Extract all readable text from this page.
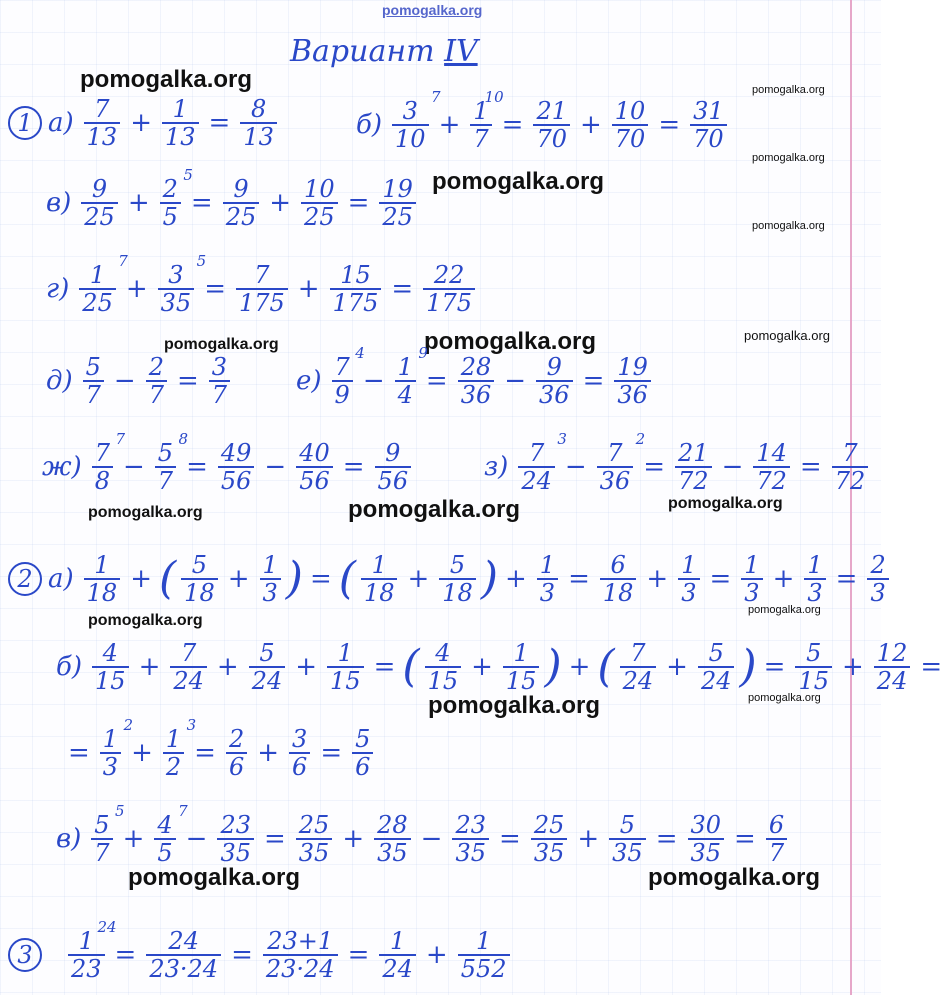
pomogalka.org
pomogalka.org	pomogalka.org
pomogalka.org
pomogalka.org
pomogalka.org
pomogalka.org
pomogalka.org	pomogalka.org
pomogalka.org
pomogalka.org
pomogalka.org
pomogalka.org
pomogalka.org
pomogalka.org
pomogalka.org
pomogalka.org	pomogalka.org
Вариант IV
1 $а) \frac{7}{13} + \frac{1}{13} = \frac{8}{13}$	б) 3
10
7
+ 1
7
10
= $\frac{21}{70} + \frac{10}{70} = \frac{31}{70}$
$в) \frac{9}{25} + 2$
5
5
= $\frac{9}{25} + \frac{10}{25} = \frac{19}{25}$
г) 1
25
7
+ 3
35
5
= $\frac{7}{175} + \frac{15}{175} = \frac{22}{175}$
$д) \frac{5}{7} - \frac{2}{7} = \frac{3}{7}$	е) 7
9
4
− 1
4
9
= $\frac{28}{36} - \frac{9}{36} = \frac{19}{36}$
ж) 7
8
7
− 5
7
8
= $\frac{49}{56} - \frac{40}{56} = \frac{9}{56}$	з) 7
24
3
− 7
36
2
= $\frac{21}{72} - \frac{14}{72} = \frac{7}{72}$
2 $а) \frac{1}{18}$ + ( $\frac{5}{18} + \frac{1}{3}$ ) = ( $\frac{1}{18} + \frac{5}{18}$ ) + $\frac{1}{3} = \frac{6}{18} + \frac{1}{3} = \frac{1}{3} + \frac{1}{3} = \frac{2}{3}$
$б) \frac{4}{15} + \frac{7}{24} + \frac{5}{24} + \frac{1}{15}$ = ( $\frac{4}{15} + \frac{1}{15}$ ) + ( $\frac{7}{24} + \frac{5}{24}$ ) = $\frac{5}{15} + \frac{12}{24}$ =
= 1
3
2
+ 1
2
3
= $\frac{2}{6} + \frac{3}{6} = \frac{5}{6}$
в) 5
7
5
+ 4
5
7
− $\frac{23}{35} = \frac{25}{35} + \frac{28}{35} - \frac{23}{35} = \frac{25}{35} + \frac{5}{35} = \frac{30}{35} = \frac{6}{7}$
3	1
23
24
= $\frac{24}{23\cdot 24} = \frac{23+1}{23\cdot 24} = \frac{1}{24} + \frac{1}{552}$
